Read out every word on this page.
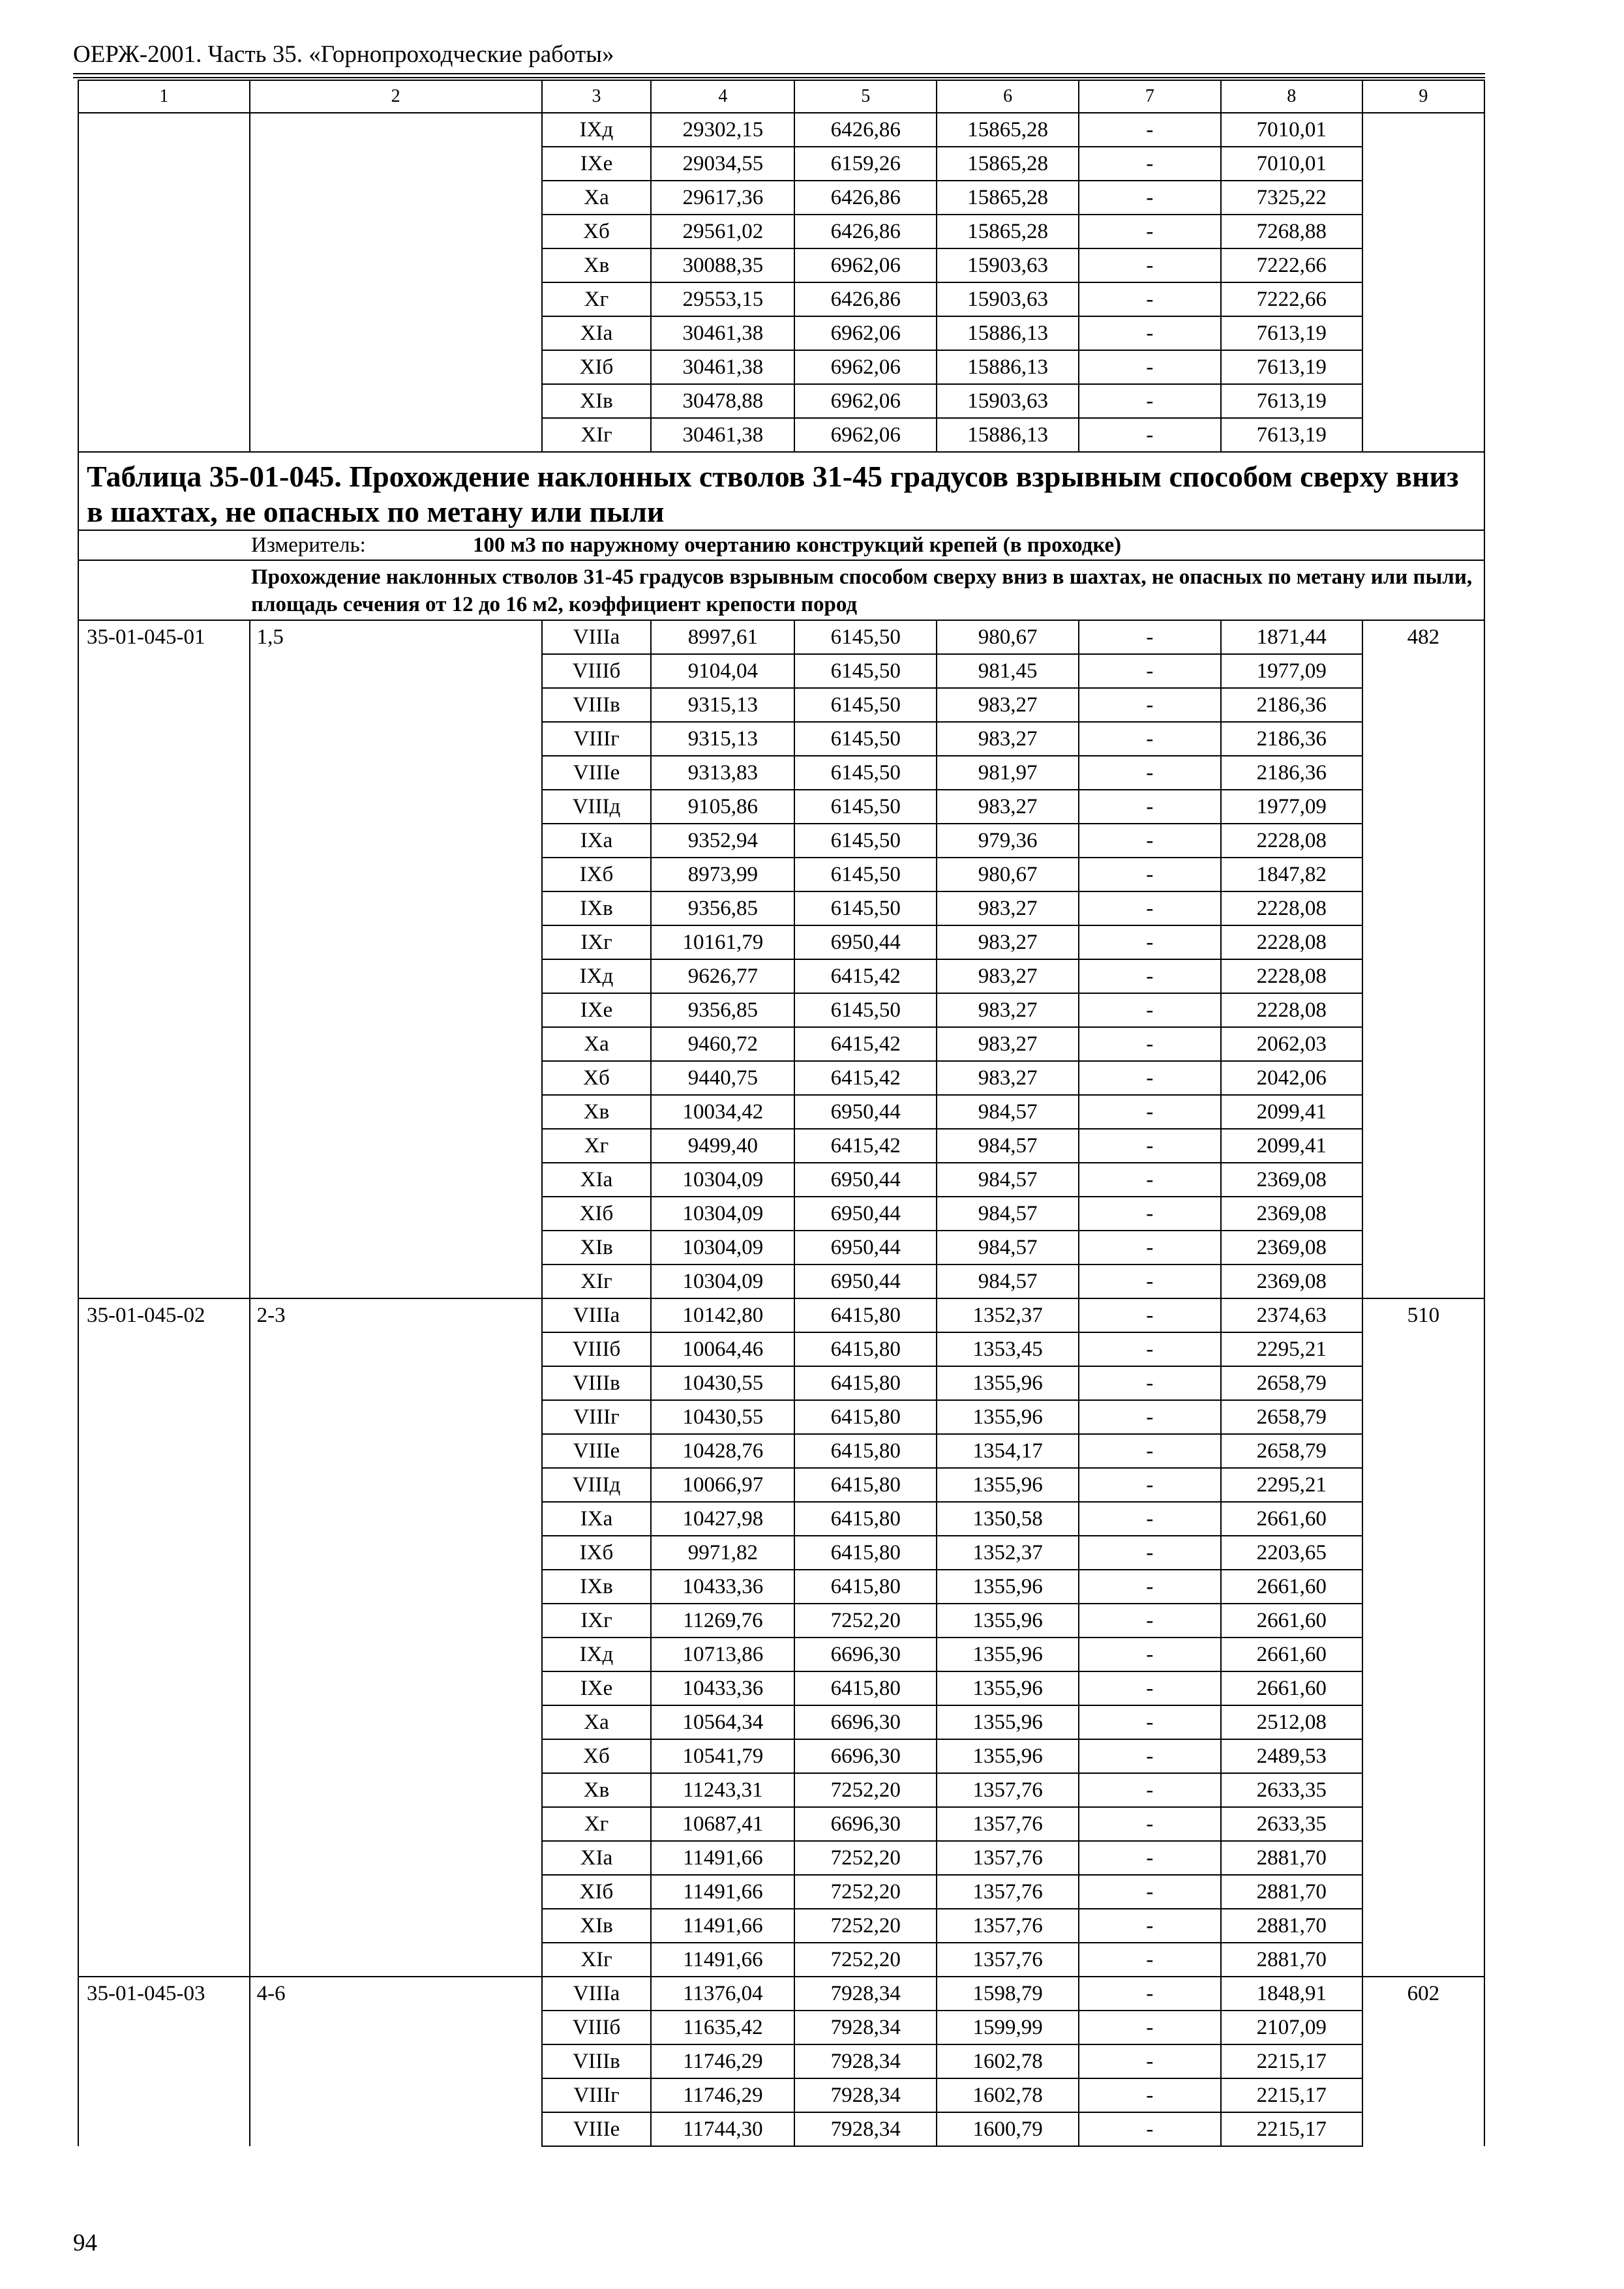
ОЕРЖ-2001. Часть 35. «Горнопроходческие работы»
1	2	3	4	5	6	7	8	9
		IXд	29302,15	6426,86	15865,28	-	7010,01	
		IXе	29034,55	6159,26	15865,28	-	7010,01	
		Xа	29617,36	6426,86	15865,28	-	7325,22	
		Xб	29561,02	6426,86	15865,28	-	7268,88	
		Xв	30088,35	6962,06	15903,63	-	7222,66	
		Xг	29553,15	6426,86	15903,63	-	7222,66	
		XIа	30461,38	6962,06	15886,13	-	7613,19	
		XIб	30461,38	6962,06	15886,13	-	7613,19	
		XIв	30478,88	6962,06	15903,63	-	7613,19	
		XIг	30461,38	6962,06	15886,13	-	7613,19	
Таблица 35-01-045. Прохождение наклонных стволов 31-45 градусов взрывным способом сверху вниз в шахтах, не опасных по метану или пыли								
Измеритель: 100 м3 по наружному очертанию конструкций крепей (в проходке)								
Прохождение наклонных стволов 31-45 градусов взрывным способом сверху вниз в шахтах, не опасных по метану или пыли, площадь сечения от 12 до 16 м2, коэффициент крепости пород								

35-01-045-01	1,5	VIIIа	8997,61	6145,50	980,67	-	1871,44	482

		VIIIб	9104,04	6145,50	981,45	-	1977,09	
		VIIIв	9315,13	6145,50	983,27	-	2186,36	
		VIIIг	9315,13	6145,50	983,27	-	2186,36	
		VIIIе	9313,83	6145,50	981,97	-	2186,36	
		VIIIд	9105,86	6145,50	983,27	-	1977,09	
		IXа	9352,94	6145,50	979,36	-	2228,08	
		IXб	8973,99	6145,50	980,67	-	1847,82	
		IXв	9356,85	6145,50	983,27	-	2228,08	
		IXг	10161,79	6950,44	983,27	-	2228,08	
		IXд	9626,77	6415,42	983,27	-	2228,08	
		IXе	9356,85	6145,50	983,27	-	2228,08	
		Xа	9460,72	6415,42	983,27	-	2062,03	
		Xб	9440,75	6415,42	983,27	-	2042,06	
		Xв	10034,42	6950,44	984,57	-	2099,41	
		Xг	9499,40	6415,42	984,57	-	2099,41	
		XIа	10304,09	6950,44	984,57	-	2369,08	
		XIб	10304,09	6950,44	984,57	-	2369,08	
		XIв	10304,09	6950,44	984,57	-	2369,08	
		XIг	10304,09	6950,44	984,57	-	2369,08	

35-01-045-02	2-3	VIIIа	10142,80	6415,80	1352,37	-	2374,63	510

		VIIIб	10064,46	6415,80	1353,45	-	2295,21	
		VIIIв	10430,55	6415,80	1355,96	-	2658,79	
		VIIIг	10430,55	6415,80	1355,96	-	2658,79	
		VIIIе	10428,76	6415,80	1354,17	-	2658,79	
		VIIIд	10066,97	6415,80	1355,96	-	2295,21	
		IXа	10427,98	6415,80	1350,58	-	2661,60	
		IXб	9971,82	6415,80	1352,37	-	2203,65	
		IXв	10433,36	6415,80	1355,96	-	2661,60	
		IXг	11269,76	7252,20	1355,96	-	2661,60	
		IXд	10713,86	6696,30	1355,96	-	2661,60	
		IXе	10433,36	6415,80	1355,96	-	2661,60	
		Xа	10564,34	6696,30	1355,96	-	2512,08	
		Xб	10541,79	6696,30	1355,96	-	2489,53	
		Xв	11243,31	7252,20	1357,76	-	2633,35	
		Xг	10687,41	6696,30	1357,76	-	2633,35	
		XIа	11491,66	7252,20	1357,76	-	2881,70	
		XIб	11491,66	7252,20	1357,76	-	2881,70	
		XIв	11491,66	7252,20	1357,76	-	2881,70	
		XIг	11491,66	7252,20	1357,76	-	2881,70	

35-01-045-03	4-6	VIIIа	11376,04	7928,34	1598,79	-	1848,91	602

		VIIIб	11635,42	7928,34	1599,99	-	2107,09	
		VIIIв	11746,29	7928,34	1602,78	-	2215,17	
		VIIIг	11746,29	7928,34	1602,78	-	2215,17	
		VIIIе	11744,30	7928,34	1600,79	-	2215,17	
94
